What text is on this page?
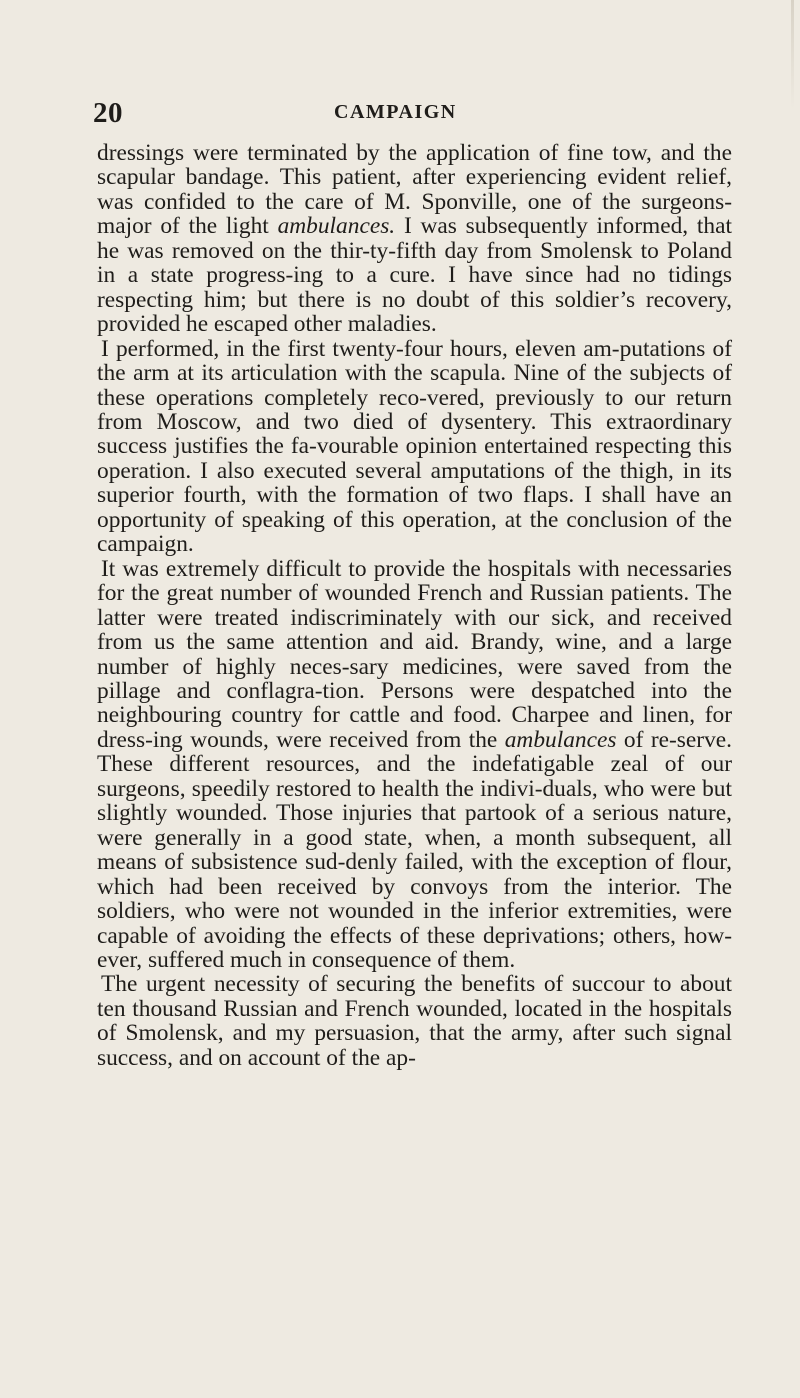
20	CAMPAIGN

dressings were terminated by the application of fine tow, and the scapular bandage. This patient, after experiencing evident relief, was confided to the care of M. Sponville, one of the surgeons-major of the light ambulances. I was subsequently informed, that he was removed on the thir-ty-fifth day from Smolensk to Poland in a state progress-ing to a cure. I have since had no tidings respecting him; but there is no doubt of this soldier’s recovery, provided he escaped other maladies.

I performed, in the first twenty-four hours, eleven am-putations of the arm at its articulation with the scapula. Nine of the subjects of these operations completely reco-vered, previously to our return from Moscow, and two died of dysentery. This extraordinary success justifies the fa-vourable opinion entertained respecting this operation. I also executed several amputations of the thigh, in its superior fourth, with the formation of two flaps. I shall have an opportunity of speaking of this operation, at the conclusion of the campaign.

It was extremely difficult to provide the hospitals with necessaries for the great number of wounded French and Russian patients. The latter were treated indiscriminately with our sick, and received from us the same attention and aid. Brandy, wine, and a large number of highly neces-sary medicines, were saved from the pillage and conflagra-tion. Persons were despatched into the neighbouring country for cattle and food. Charpee and linen, for dress-ing wounds, were received from the ambulances of re-serve. These different resources, and the indefatigable zeal of our surgeons, speedily restored to health the indivi-duals, who were but slightly wounded. Those injuries that partook of a serious nature, were generally in a good state, when, a month subsequent, all means of subsistence sud-denly failed, with the exception of flour, which had been received by convoys from the interior. The soldiers, who were not wounded in the inferior extremities, were capable of avoiding the effects of these deprivations; others, how-ever, suffered much in consequence of them.

The urgent necessity of securing the benefits of succour to about ten thousand Russian and French wounded, located in the hospitals of Smolensk, and my persuasion, that the army, after such signal success, and on account of the ap-
